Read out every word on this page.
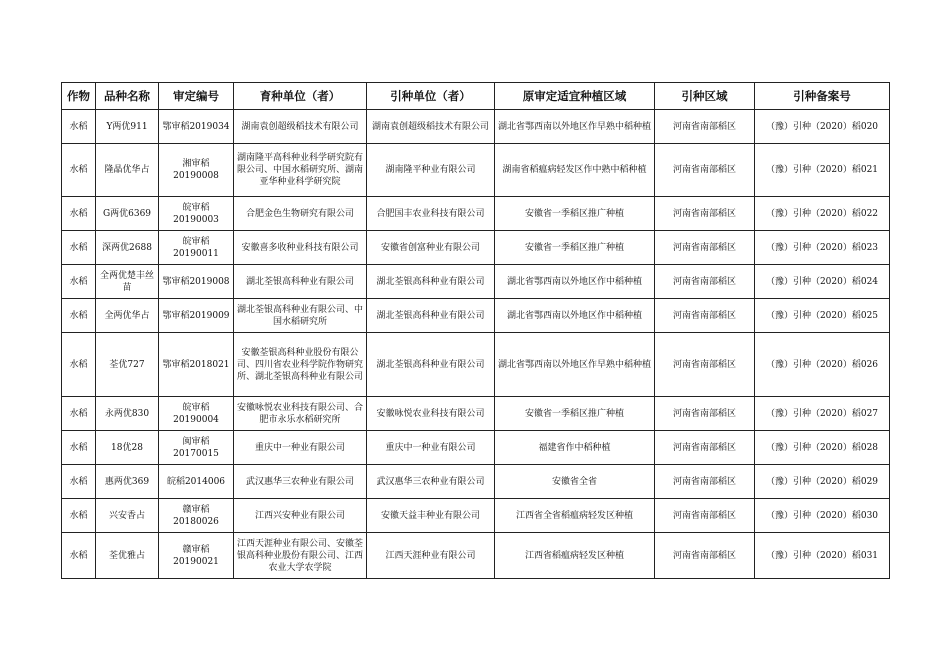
作物	品种名称	审定编号	育种单位（者）	引种单位（者）	原审定适宜种植区域	引种区域	引种备案号
水稻	Y两优911	鄂审稻2019034	湖南袁创超级稻技术有限公司	湖南袁创超级稻技术有限公司	湖北省鄂西南以外地区作早熟中稻种植	河南省南部稻区	（豫）引种（2020）稻020
水稻	隆晶优华占	湘审稻20190008	湖南隆平高科种业科学研究院有限公司、中国水稻研究所、湖南亚华种业科学研究院	湖南隆平种业有限公司	湖南省稻瘟病轻发区作中熟中稻种植	河南省南部稻区	（豫）引种（2020）稻021
水稻	G两优6369	皖审稻20190003	合肥金色生物研究有限公司	合肥国丰农业科技有限公司	安徽省一季稻区推广种植	河南省南部稻区	（豫）引种（2020）稻022
水稻	深两优2688	皖审稻20190011	安徽喜多收种业科技有限公司	安徽省创富种业有限公司	安徽省一季稻区推广种植	河南省南部稻区	（豫）引种（2020）稻023
水稻	全两优楚丰丝苗	鄂审稻2019008	湖北荃银高科种业有限公司	湖北荃银高科种业有限公司	湖北省鄂西南以外地区作中稻种植	河南省南部稻区	（豫）引种（2020）稻024
水稻	全两优华占	鄂审稻2019009	湖北荃银高科种业有限公司、中国水稻研究所	湖北荃银高科种业有限公司	湖北省鄂西南以外地区作中稻种植	河南省南部稻区	（豫）引种（2020）稻025
水稻	荃优727	鄂审稻2018021	安徽荃银高科种业股份有限公司、四川省农业科学院作物研究所、湖北荃银高科种业有限公司	湖北荃银高科种业有限公司	湖北省鄂西南以外地区作早熟中稻种植	河南省南部稻区	（豫）引种（2020）稻026
水稻	永两优830	皖审稻20190004	安徽咏悦农业科技有限公司、合肥市永乐水稻研究所	安徽咏悦农业科技有限公司	安徽省一季稻区推广种植	河南省南部稻区	（豫）引种（2020）稻027
水稻	18优28	闽审稻20170015	重庆中一种业有限公司	重庆中一种业有限公司	福建省作中稻种植	河南省南部稻区	（豫）引种（2020）稻028
水稻	惠两优369	皖稻2014006	武汉惠华三农种业有限公司	武汉惠华三农种业有限公司	安徽省全省	河南省南部稻区	（豫）引种（2020）稻029
水稻	兴安香占	赣审稻20180026	江西兴安种业有限公司	安徽天益丰种业有限公司	江西省全省稻瘟病轻发区种植	河南省南部稻区	（豫）引种（2020）稻030
水稻	荃优雅占	赣审稻20190021	江西天涯种业有限公司、安徽荃银高科种业股份有限公司、江西农业大学农学院	江西天涯种业有限公司	江西省稻瘟病轻发区种植	河南省南部稻区	（豫）引种（2020）稻031
